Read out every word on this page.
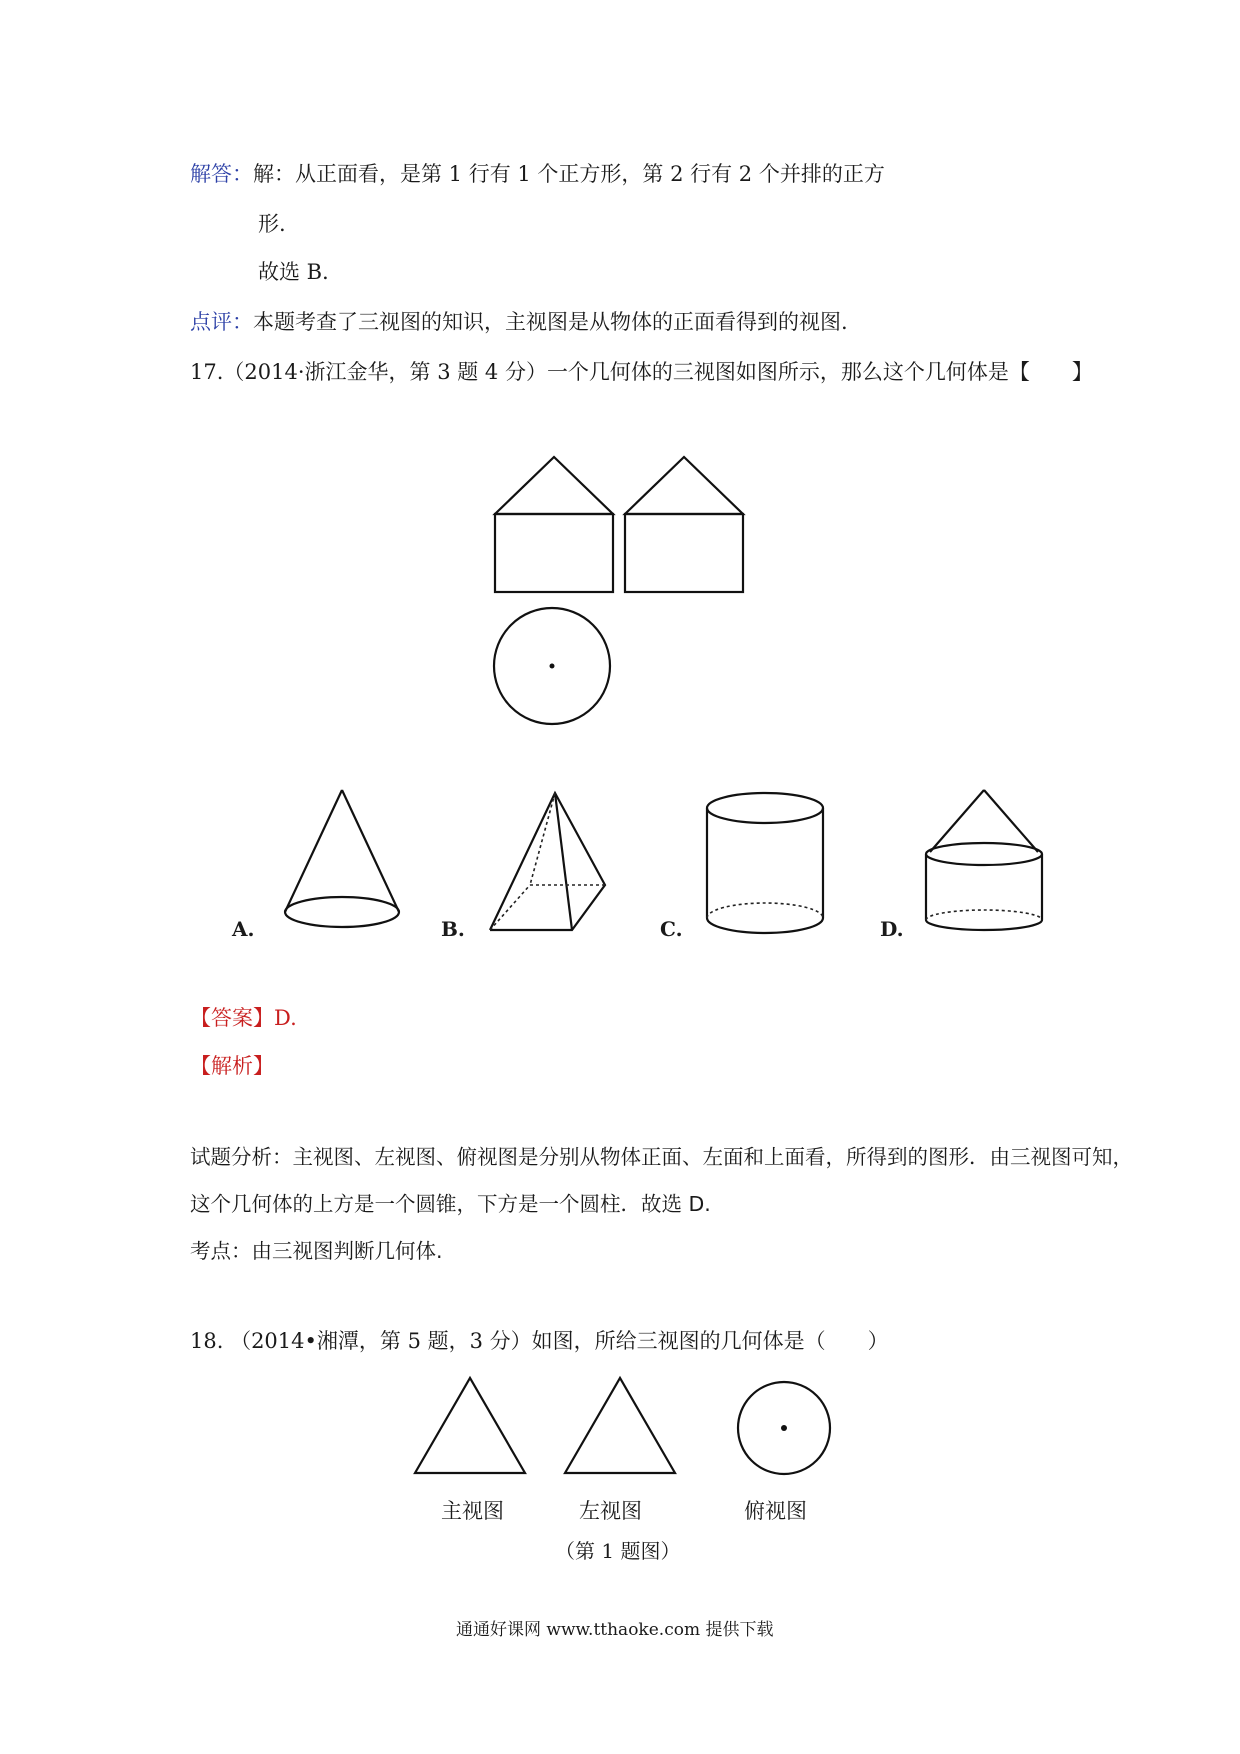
解答：解：从正面看，是第 1 行有 1 个正方形，第 2 行有 2 个并排的正方
形.
故选 B．
点评：本题考查了三视图的知识，主视图是从物体的正面看得到的视图.
17.（2014·浙江金华，第 3 题 4 分）一个几何体的三视图如图所示，那么这个几何体是【　　】
A.	B.	C.	D.
【答案】D.
【解析】
试题分析：主视图、左视图、俯视图是分别从物体正面、左面和上面看，所得到的图形．由三视图可知，
这个几何体的上方是一个圆锥，下方是一个圆柱．故选 D.
考点：由三视图判断几何体.
18. （2014•湘潭，第 5 题，3 分）如图，所给三视图的几何体是（　　）
主视图	左视图	俯视图
（第 1 题图）
通通好课网 www.tthaoke.com 提供下载
